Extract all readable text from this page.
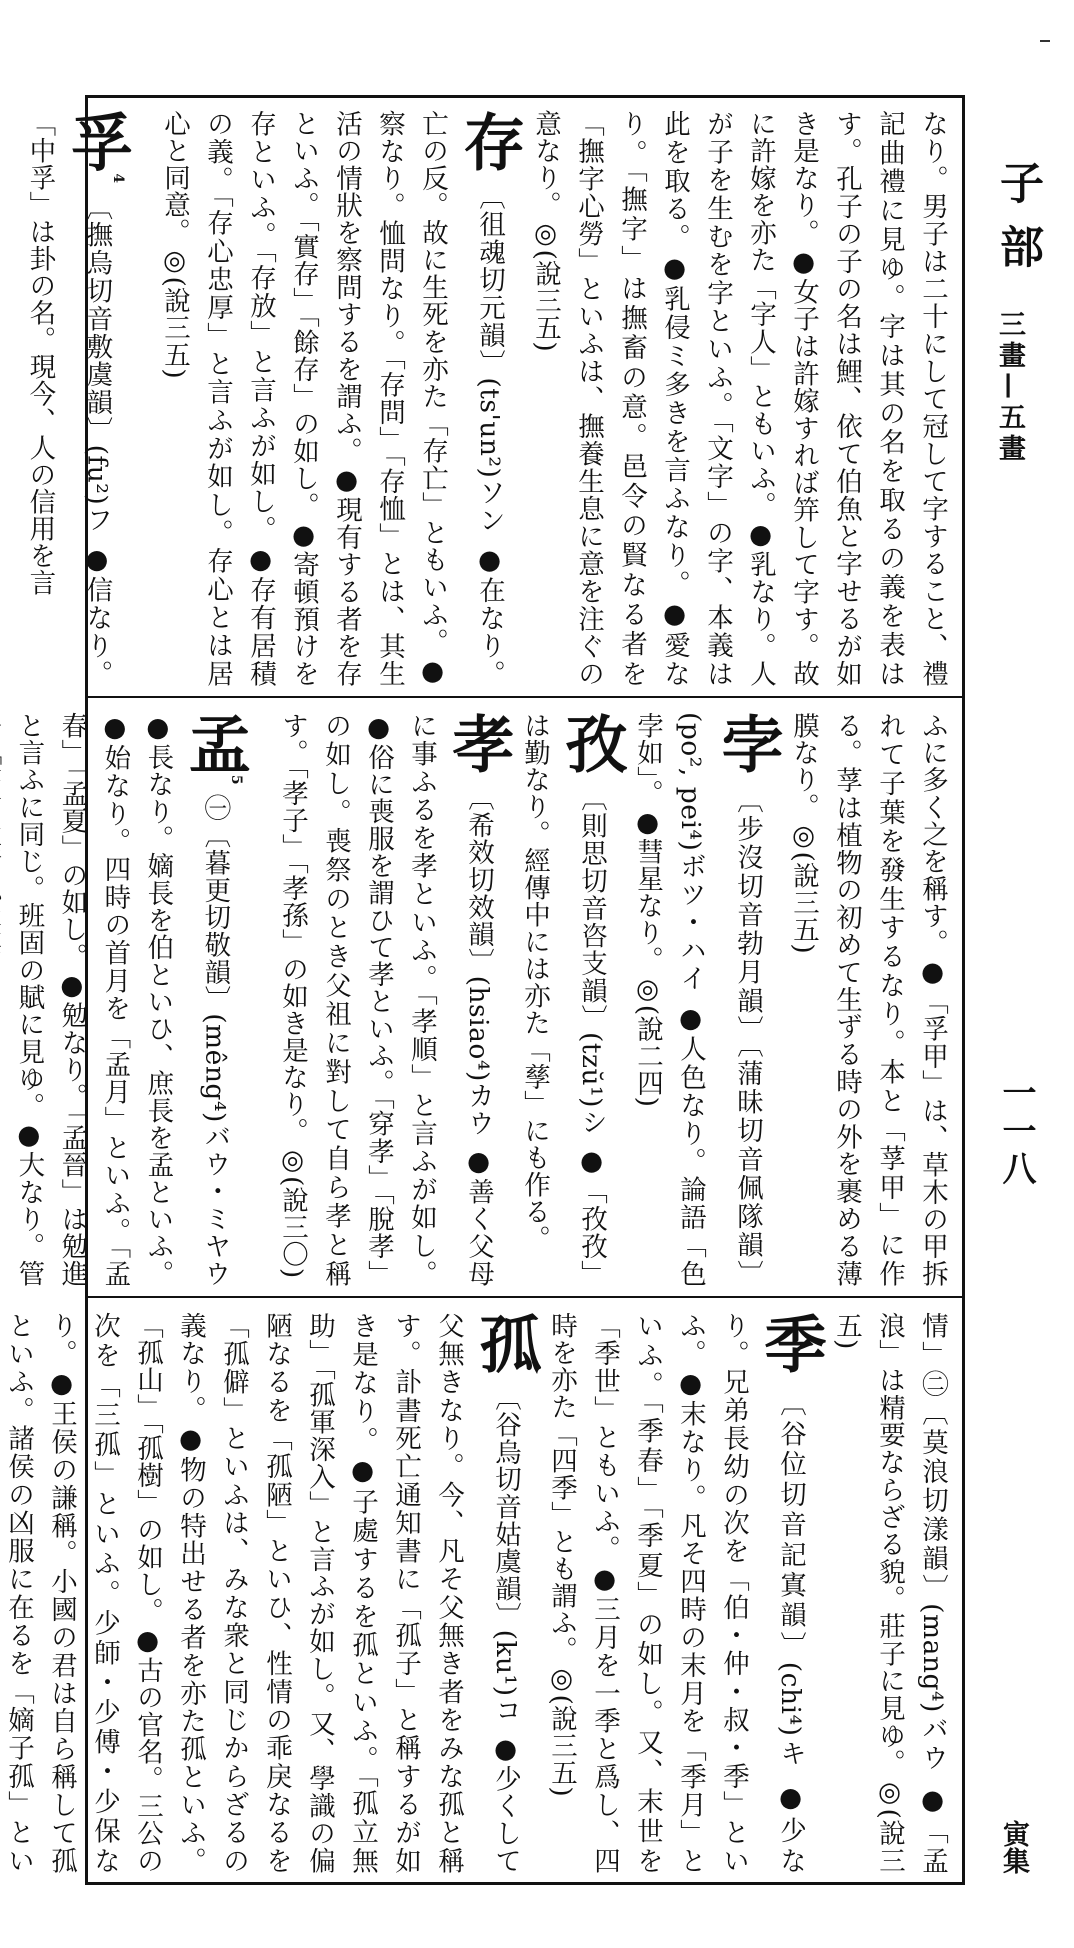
子部
三畫—五畫
一一八
寅集
なり。男子は二十にして冠して字すること、禮記曲禮に見ゆ。字は其の名を取るの義を表はす。孔子の子の名は鯉、依て伯魚と字せるが如き是なり。●女子は許嫁すれば笄して字す。故に許嫁を亦た「字人」ともいふ。●乳なり。人が子を生むを字といふ。「文字」の字、本義は此を取る。●乳侵ミ多きを言ふなり。●愛なり。「撫字」は撫畜の意。邑令の賢なる者を「撫字心勞」といふは、撫養生息に意を注ぐの意なり。◎(說三五)
存 〔徂魂切元韻〕(ts'un²)ソン ●在なり。亡の反。故に生死を亦た「存亡」ともいふ。●察なり。恤問なり。「存問」「存恤」とは、其生活の情狀を察問するを謂ふ。●現有する者を存といふ。「實存」「餘存」の如し。●寄頓預けを存といふ。「存放」と言ふが如し。●存有居積の義。「存心忠厚」と言ふが如し。存心とは居心と同意。◎(說三五)
孚$^4$ 〔撫烏切音敷虞韻〕(fu²)フ ●信なり。「中孚」は卦の名。現今、人の信用を言
ふに多く之を稱す。●「孚甲」は、草木の甲拆れて子葉を發生するなり。本と「莩甲」に作る。莩は植物の初めて生ずる時の外を裹める薄膜なり。◎(說三五)
孛 〔步沒切音勃月韻〕〔蒲昧切音佩隊韻〕(po², pei⁴)ボツ・ハイ ●人色なり。論語「色孛如」。●彗星なり。◎(說二四)
孜 〔則思切音咨支韻〕(tzŭ¹)シ ●「孜孜」は勤なり。經傳中には亦た「孳」にも作る。
孝 〔希效切效韻〕(hsiao⁴)カウ ●善く父母に事ふるを孝といふ。「孝順」と言ふが如し。●俗に喪服を謂ひて孝といふ。「穿孝」「脫孝」の如し。喪祭のとき父祖に對して自ら孝と稱す。「孝子」「孝孫」の如き是なり。◎(說三〇)
孟$^5$ ㊀〔暮更切敬韻〕(mêng⁴)バウ・ミヤウ ●長なり。嫡長を伯といひ、庶長を孟といふ。●始なり。四時の首月を「孟月」といふ。「孟春」「孟夏」の如し。●勉なり。「孟晉」は勉進と言ふに同じ。班固の賦に見ゆ。●大なり。管
情」㊁〔莫浪切漾韻〕(mang⁴)バウ ●「孟浪」は精要ならざる貌。莊子に見ゆ。◎(說三五)
季 〔谷位切音記寘韻〕(chi⁴)キ ●少なり。兄弟長幼の次を「伯・仲・叔・季」といふ。●末なり。凡そ四時の末月を「季月」といふ。「季春」「季夏」の如し。又、末世を「季世」ともいふ。●三月を一季と爲し、四時を亦た「四季」とも謂ふ。◎(說三五)
孤 〔谷烏切音姑虞韻〕(ku¹)コ ●少くして父無きなり。今、凡そ父無き者をみな孤と稱す。訃書死亡通知書に「孤子」と稱するが如き是なり。●子處するを孤といふ。「孤立無助」「孤軍深入」と言ふが如し。又、學識の偏陋なるを「孤陋」といひ、性情の乖戾なるを「孤僻」といふは、みな衆と同じからざるの義なり。●物の特出せる者を亦た孤といふ。「孤山」「孤樹」の如し。●古の官名。三公の次を「三孤」といふ。少師・少傅・少保なり。●王侯の謙稱。小國の君は自ら稱して孤といふ。諸侯の凶服に在るを「嫡子孤」とい
